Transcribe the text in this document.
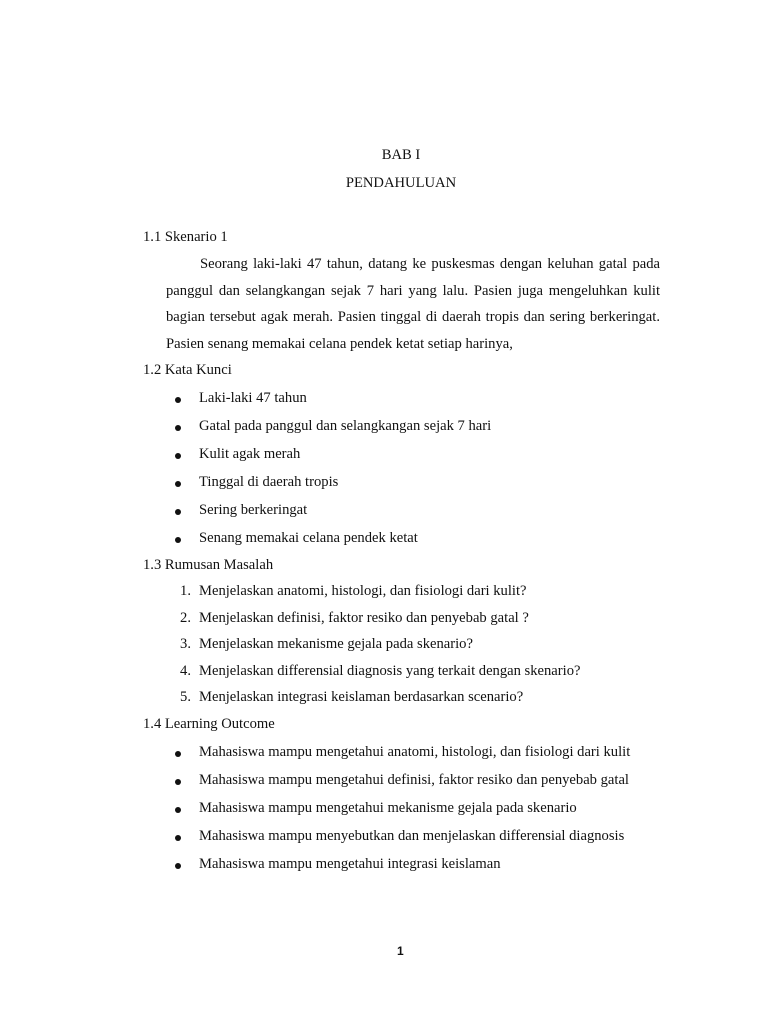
BAB I
PENDAHULUAN
1.1 Skenario 1
Seorang laki-laki 47 tahun, datang ke puskesmas dengan keluhan gatal pada panggul dan selangkangan sejak 7 hari yang lalu. Pasien juga mengeluhkan kulit bagian tersebut agak merah. Pasien tinggal di daerah tropis dan sering berkeringat. Pasien senang memakai celana pendek ketat setiap harinya,
1.2 Kata Kunci
Laki-laki 47 tahun
Gatal pada panggul dan selangkangan sejak 7 hari
Kulit agak merah
Tinggal di daerah tropis
Sering berkeringat
Senang memakai celana pendek ketat
1.3 Rumusan Masalah
1. Menjelaskan anatomi, histologi, dan fisiologi dari kulit?
2. Menjelaskan definisi, faktor resiko dan penyebab gatal ?
3. Menjelaskan mekanisme gejala pada skenario?
4. Menjelaskan differensial diagnosis yang terkait dengan skenario?
5. Menjelaskan integrasi keislaman berdasarkan scenario?
1.4 Learning Outcome
Mahasiswa mampu mengetahui anatomi, histologi, dan fisiologi dari kulit
Mahasiswa mampu mengetahui definisi, faktor resiko dan penyebab gatal
Mahasiswa mampu mengetahui mekanisme gejala pada skenario
Mahasiswa mampu menyebutkan dan menjelaskan differensial diagnosis
Mahasiswa mampu mengetahui integrasi keislaman
1
